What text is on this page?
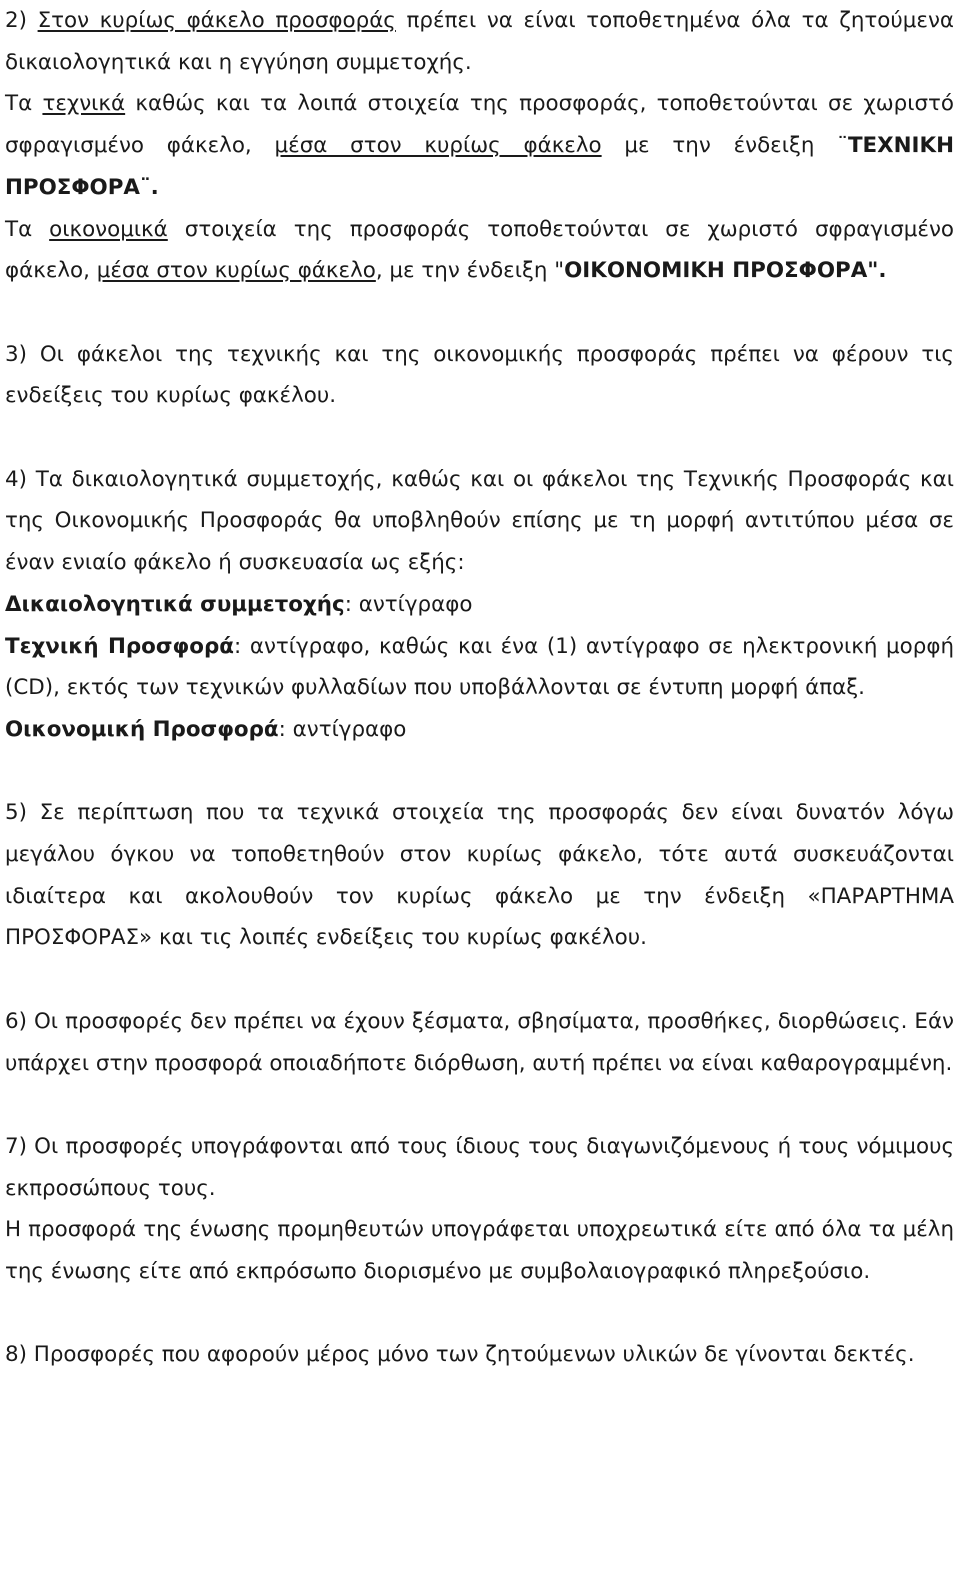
2) Στον κυρίως φάκελο προσφοράς πρέπει να είναι τοποθετημένα όλα τα ζητούμενα δικαιολογητικά και η εγγύηση συμμετοχής.

Τα τεχνικά καθώς και τα λοιπά στοιχεία της προσφοράς, τοποθετούνται σε χωριστό σφραγισμένο φάκελο, μέσα στον κυρίως φάκελο με την ένδειξη ¨ΤΕΧΝΙΚΗ ΠΡΟΣΦΟΡΑ¨.

Τα οικονομικά στοιχεία της προσφοράς τοποθετούνται σε χωριστό σφραγισμένο φάκελο, μέσα στον κυρίως φάκελο, με την ένδειξη "ΟΙΚΟΝΟΜΙΚΗ ΠΡΟΣΦΟΡΑ".

3) Οι φάκελοι της τεχνικής και της οικονομικής προσφοράς πρέπει να φέρουν τις ενδείξεις του κυρίως φακέλου.

4) Τα δικαιολογητικά συμμετοχής, καθώς και οι φάκελοι της Τεχνικής Προσφοράς και της Οικονομικής Προσφοράς θα υποβληθούν επίσης με τη μορφή αντιτύπου μέσα σε έναν ενιαίο φάκελο ή συσκευασία ως εξής:

Δικαιολογητικά συμμετοχής: αντίγραφο

Τεχνική Προσφορά: αντίγραφο, καθώς και ένα (1) αντίγραφο σε ηλεκτρονική μορφή (CD), εκτός των τεχνικών φυλλαδίων που υποβάλλονται σε έντυπη μορφή άπαξ.

Οικονομική Προσφορά: αντίγραφο

5) Σε περίπτωση που τα τεχνικά στοιχεία της προσφοράς δεν είναι δυνατόν λόγω μεγάλου όγκου να τοποθετηθούν στον κυρίως φάκελο, τότε αυτά συσκευάζονται ιδιαίτερα και ακολουθούν τον κυρίως φάκελο με την ένδειξη «ΠΑΡΑΡΤΗΜΑ ΠΡΟΣΦΟΡΑΣ» και τις λοιπές ενδείξεις του κυρίως φακέλου.

6) Οι προσφορές δεν πρέπει να έχουν ξέσματα, σβησίματα, προσθήκες, διορθώσεις. Εάν υπάρχει στην προσφορά οποιαδήποτε διόρθωση, αυτή πρέπει να είναι καθαρογραμμένη.

7) Οι προσφορές υπογράφονται από τους ίδιους τους διαγωνιζόμενους ή τους νόμιμους εκπροσώπους τους.

Η προσφορά της ένωσης προμηθευτών υπογράφεται υποχρεωτικά είτε από όλα τα μέλη της ένωσης είτε από εκπρόσωπο διορισμένο με συμβολαιογραφικό πληρεξούσιο.

8) Προσφορές που αφορούν μέρος μόνο των ζητούμενων υλικών δε γίνονται δεκτές.
